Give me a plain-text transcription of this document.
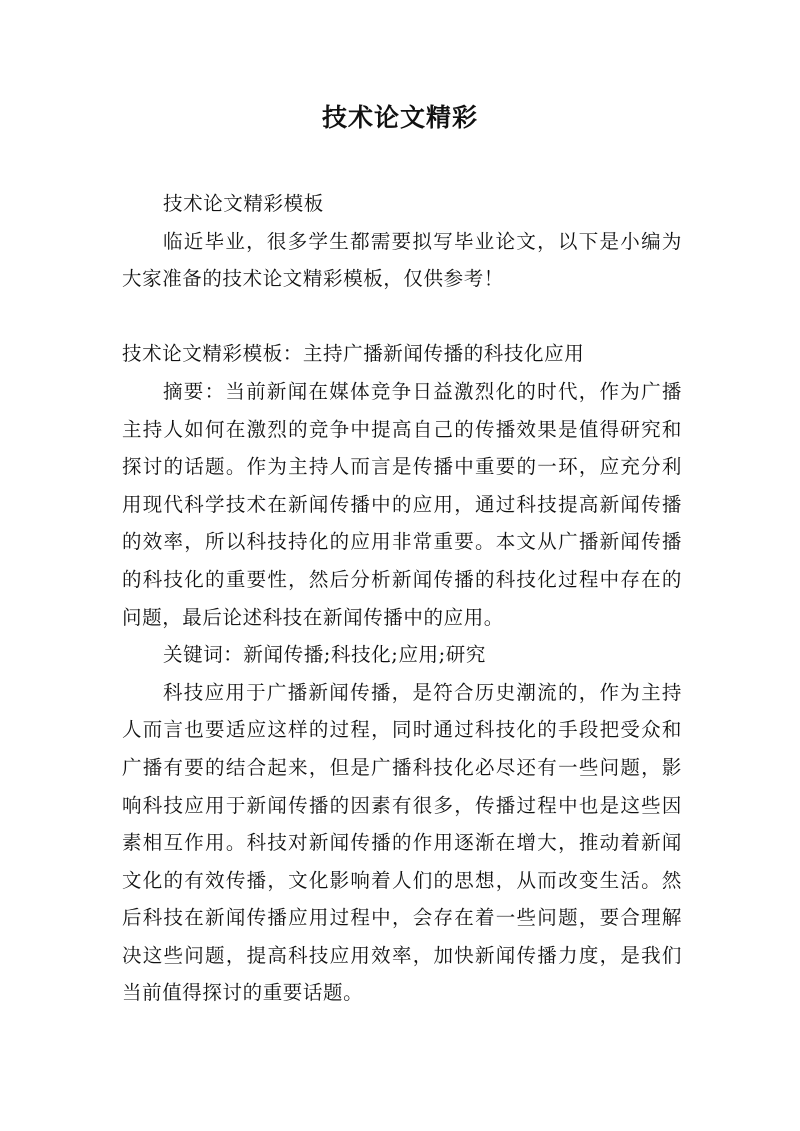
技术论文精彩

技术论文精彩模板

临近毕业，很多学生都需要拟写毕业论文，以下是小编为大家准备的技术论文精彩模板，仅供参考！

技术论文精彩模板：主持广播新闻传播的科技化应用

摘要：当前新闻在媒体竞争日益激烈化的时代，作为广播主持人如何在激烈的竞争中提高自己的传播效果是值得研究和探讨的话题。作为主持人而言是传播中重要的一环，应充分利用现代科学技术在新闻传播中的应用，通过科技提高新闻传播的效率，所以科技持化的应用非常重要。本文从广播新闻传播的科技化的重要性，然后分析新闻传播的科技化过程中存在的问题，最后论述科技在新闻传播中的应用。

关键词：新闻传播;科技化;应用;研究

科技应用于广播新闻传播，是符合历史潮流的，作为主持人而言也要适应这样的过程，同时通过科技化的手段把受众和广播有要的结合起来，但是广播科技化必尽还有一些问题，影响科技应用于新闻传播的因素有很多，传播过程中也是这些因素相互作用。科技对新闻传播的作用逐渐在增大，推动着新闻文化的有效传播，文化影响着人们的思想，从而改变生活。然后科技在新闻传播应用过程中，会存在着一些问题，要合理解决这些问题，提高科技应用效率，加快新闻传播力度，是我们当前值得探讨的重要话题。
